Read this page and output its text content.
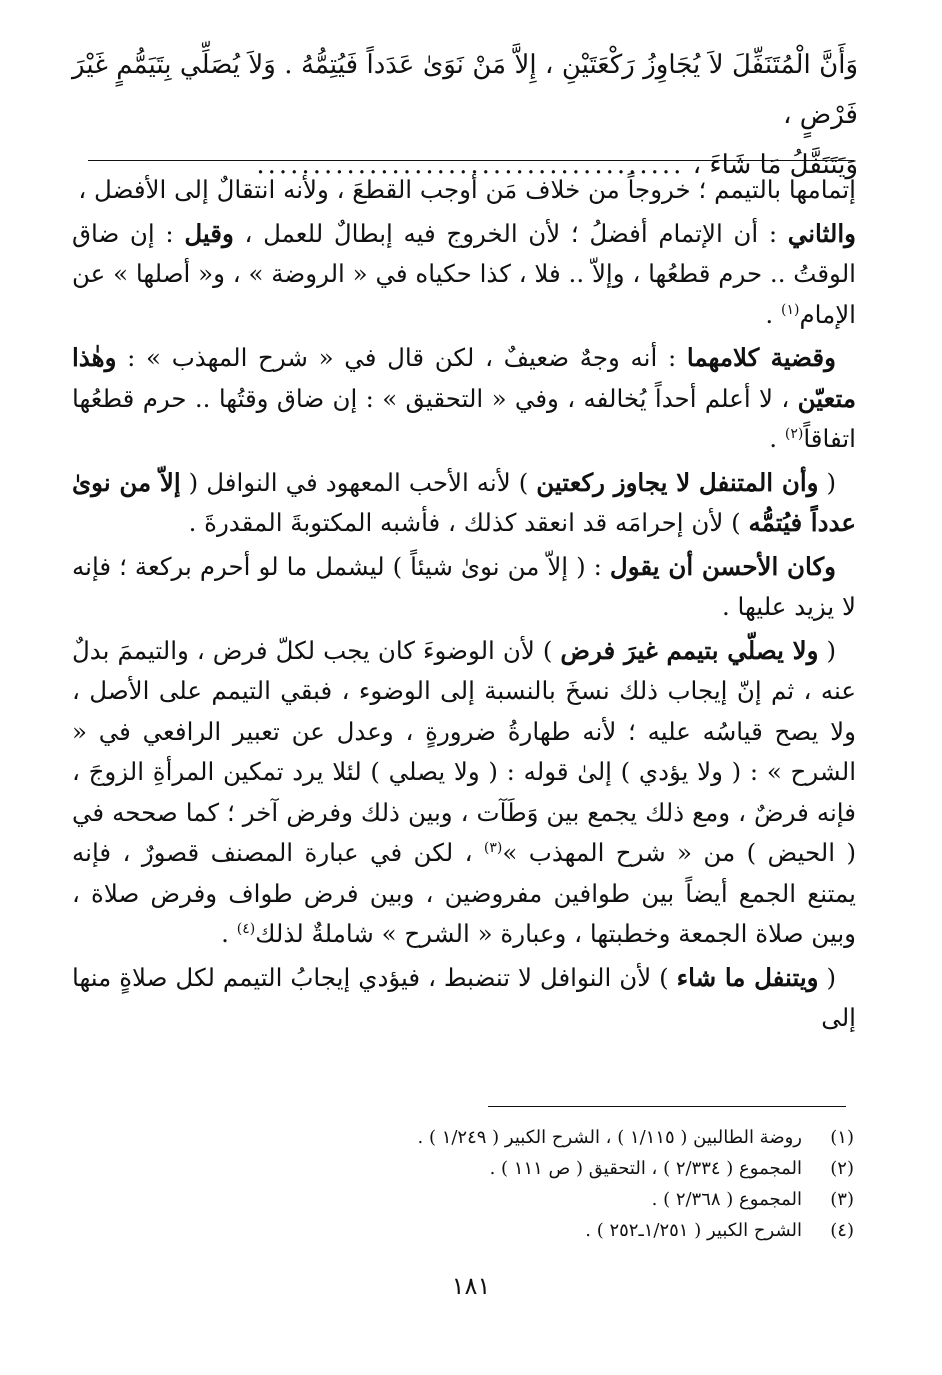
وَأَنَّ الْمُتَنَفِّلَ لاَ يُجَاوِزُ رَكْعَتَيْنِ ، إِلاَّ مَنْ نَوَىٰ عَدَداً فَيُتِمُّهُ . وَلاَ يُصَلِّي بِتَيَمُّمٍ غَيْرَ فَرْضٍ ،
وَيَتَنَفَّلُ مَا شَاءَ ، ......................................

إتمامها بالتيمم ؛ خروجاً من خلاف مَن أوجب القطعَ ، ولأنه انتقالٌ إلى الأفضل ،

والثاني : أن الإتمام أفضلُ ؛ لأن الخروج فيه إبطالٌ للعمل ، وقيل : إن ضاق الوقتُ .. حرم قطعُها ، وإلاّ .. فلا ، كذا حكياه في « الروضة » ، و« أصلها » عن الإمام$^{(١)}$ .

وقضية كلامهما : أنه وجهٌ ضعيفٌ ، لكن قال في « شرح المهذب » : وهٰذا متعيّن ، لا أعلم أحداً يُخالفه ، وفي « التحقيق » : إن ضاق وقتُها .. حرم قطعُها اتفاقاً$^{(٢)}$ .

( وأن المتنفل لا يجاوز ركعتين ) لأنه الأحب المعهود في النوافل ( إلاّ من نوىٰ عدداً فيُتمُّه ) لأن إحرامَه قد انعقد كذلك ، فأشبه المكتوبةَ المقدرةَ .

وكان الأحسن أن يقول : ( إلاّ من نوىٰ شيئاً ) ليشمل ما لو أحرم بركعة ؛ فإنه لا يزيد عليها .

( ولا يصلّي بتيمم غيرَ فرض ) لأن الوضوءَ كان يجب لكلّ فرض ، والتيممَ بدلٌ عنه ، ثم إنّ إيجاب ذلك نسخَ بالنسبة إلى الوضوء ، فبقي التيمم على الأصل ، ولا يصح قياسُه عليه ؛ لأنه طهارةُ ضرورةٍ ، وعدل عن تعبير الرافعي في « الشرح » : ( ولا يؤدي ) إلىٰ قوله : ( ولا يصلي ) لئلا يرد تمكين المرأةِ الزوجَ ، فإنه فرضٌ ، ومع ذلك يجمع بين وَطَآت ، وبين ذلك وفرض آخر ؛ كما صححه في ( الحيض ) من « شرح المهذب »$^{(٣)}$ ، لكن في عبارة المصنف قصورٌ ، فإنه يمتنع الجمع أيضاً بين طوافين مفروضين ، وبين فرض طواف وفرض صلاة ، وبين صلاة الجمعة وخطبتها ، وعبارة « الشرح » شاملةٌ لذلك$^{(٤)}$ .

( ويتنفل ما شاء ) لأن النوافل لا تنضبط ، فيؤدي إيجابُ التيمم لكل صلاةٍ منها إلى

(١)
روضة الطالبين ( ١/١١٥ ) ، الشرح الكبير ( ١/٢٤٩ ) .
(٢)
المجموع ( ٢/٣٣٤ ) ، التحقيق ( ص ١١١ ) .
(٣)
المجموع ( ٢/٣٦٨ ) .
(٤)
الشرح الكبير ( ١/٢٥١ـ٢٥٢ ) .
١٨١
